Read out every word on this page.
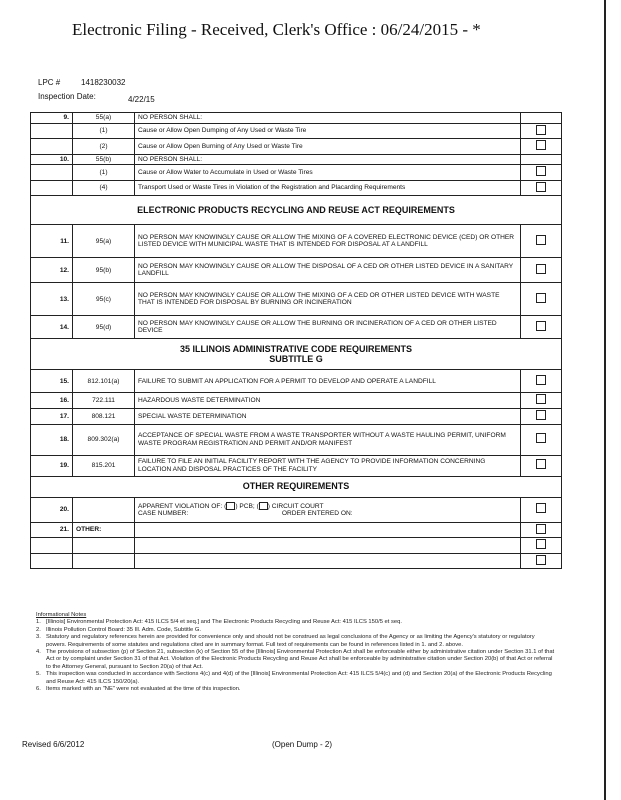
Electronic Filing - Received, Clerk's Office : 06/24/2015 - *
LPC #	1418230032
Inspection Date:	4/22/15
9.	55(a)	NO PERSON SHALL:	
	(1)	Cause or Allow Open Dumping of Any Used or Waste Tire	
	(2)	Cause or Allow Open Burning of Any Used or Waste Tire	
10.	55(b)	NO PERSON SHALL:	
	(1)	Cause or Allow Water to Accumulate in Used or Waste Tires	
	(4)	Transport Used or Waste Tires in Violation of the Registration and Placarding Requirements	
ELECTRONIC PRODUCTS RECYCLING AND REUSE ACT REQUIREMENTS			
11.	95(a)	NO PERSON MAY KNOWINGLY CAUSE OR ALLOW THE MIXING OF A COVERED ELECTRONIC DEVICE (CED) OR OTHER LISTED DEVICE WITH MUNICIPAL WASTE THAT IS INTENDED FOR DISPOSAL AT A LANDFILL	
12.	95(b)	NO PERSON MAY KNOWINGLY CAUSE OR ALLOW THE DISPOSAL OF A CED OR OTHER LISTED DEVICE IN A SANITARY LANDFILL	
13.	95(c)	NO PERSON MAY KNOWINGLY CAUSE OR ALLOW THE MIXING OF A CED OR OTHER LISTED DEVICE WITH WASTE THAT IS INTENDED FOR DISPOSAL BY BURNING OR INCINERATION	
14.	95(d)	NO PERSON MAY KNOWINGLY CAUSE OR ALLOW THE BURNING OR INCINERATION OF A CED OR OTHER LISTED DEVICE	

35 ILLINOIS ADMINISTRATIVE CODE REQUIREMENTS
SUBTITLE G			

15.	812.101(a)	FAILURE TO SUBMIT AN APPLICATION FOR A PERMIT TO DEVELOP AND OPERATE A LANDFILL	
16.	722.111	HAZARDOUS WASTE DETERMINATION	
17.	808.121	SPECIAL WASTE DETERMINATION	
18.	809.302(a)	ACCEPTANCE OF SPECIAL WASTE FROM A WASTE TRANSPORTER WITHOUT A WASTE HAULING PERMIT, UNIFORM WASTE PROGRAM REGISTRATION AND PERMIT AND/OR MANIFEST	
19.	815.201	FAILURE TO FILE AN INITIAL FACILITY REPORT WITH THE AGENCY TO PROVIDE INFORMATION CONCERNING LOCATION AND DISPOSAL PRACTICES OF THE FACILITY	
OTHER REQUIREMENTS			
20.		APPARENT VIOLATION OF: ( ) PCB; ( ) CIRCUIT COURT
CASE NUMBER: ORDER ENTERED ON:	

21.	OTHER:		

Informational Notes
1. [Illinois] Environmental Protection Act: 415 ILCS 5/4 et seq.] and The Electronic Products Recycling and Reuse Act: 415 ILCS 150/5 et seq.
2. Illinois Pollution Control Board: 35 Ill. Adm. Code, Subtitle G.
3. Statutory and regulatory references herein are provided for convenience only and should not be construed as legal conclusions of the Agency or as limiting the Agency's statutory or regulatory powers. Requirements of some statutes and regulations cited are in summary format. Full text of requirements can be found in references listed in 1. and 2. above.
4. The provisions of subsection (p) of Section 21, subsection (k) of Section 55 of the [Illinois] Environmental Protection Act shall be enforceable either by administrative citation under Section 31.1 of that Act or by complaint under Section 31 of that Act. Violation of the Electronic Products Recycling and Reuse Act shall be enforceable by administrative citation under Section 20(b) of that Act or referral to the Attorney General, pursuant to Section 20(a) of that Act.
5. This inspection was conducted in accordance with Sections 4(c) and 4(d) of the [Illinois] Environmental Protection Act: 415 ILCS 5/4(c) and (d) and Section 20(a) of the Electronic Products Recycling and Reuse Act: 415 ILCS 150/20(a).
6. Items marked with an "NE" were not evaluated at the time of this inspection.
Revised 6/6/2012	(Open Dump - 2)
